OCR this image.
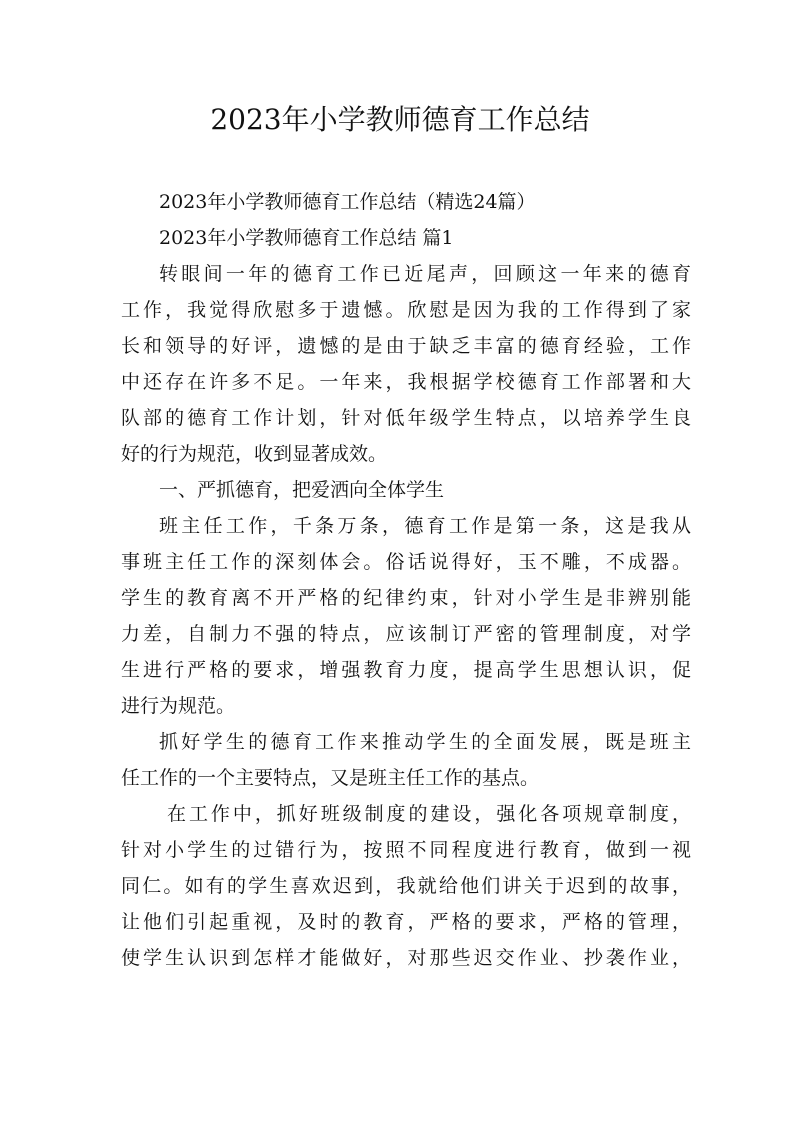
2023年小学教师德育工作总结
2023年小学教师德育工作总结（精选24篇）
2023年小学教师德育工作总结 篇1
转眼间一年的德育工作已近尾声，回顾这一年来的德育
工作，我觉得欣慰多于遗憾。欣慰是因为我的工作得到了家
长和领导的好评，遗憾的是由于缺乏丰富的德育经验，工作
中还存在许多不足。一年来，我根据学校德育工作部署和大
队部的德育工作计划，针对低年级学生特点，以培养学生良
好的行为规范，收到显著成效。
一、严抓德育，把爱洒向全体学生
班主任工作，千条万条，德育工作是第一条，这是我从
事班主任工作的深刻体会。俗话说得好，玉不雕，不成器。
学生的教育离不开严格的纪律约束，针对小学生是非辨别能
力差，自制力不强的特点，应该制订严密的管理制度，对学
生进行严格的要求，增强教育力度，提高学生思想认识，促
进行为规范。
抓好学生的德育工作来推动学生的全面发展，既是班主
任工作的一个主要特点，又是班主任工作的基点。
在工作中，抓好班级制度的建设，强化各项规章制度，
针对小学生的过错行为，按照不同程度进行教育，做到一视
同仁。如有的学生喜欢迟到，我就给他们讲关于迟到的故事，
让他们引起重视，及时的教育，严格的要求，严格的管理，
使学生认识到怎样才能做好，对那些迟交作业、抄袭作业，
